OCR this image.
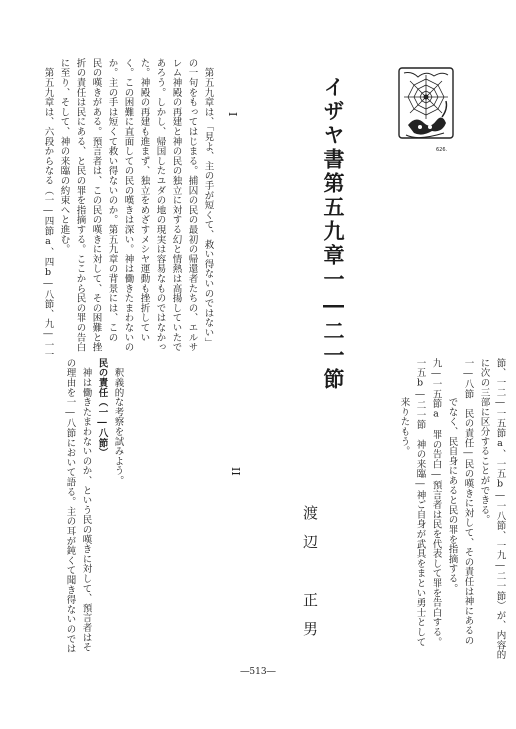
イザヤ書第五九章一―二一節
渡辺　正男
626.
I
　第五九章は、「見よ、主の手が短くて、救い得ないのではない」
の一句をもってはじまる。捕囚の民の最初の帰還者たちの、エルサ
レム神殿の再建と神の民の独立に対する幻と情熱は高揚していたで
あろう。しかし、帰国したユダの地の現実は容易なものではなかっ
た。神殿の再建も進まず、独立をめざすメシヤ運動も挫折してい
く。この困難に直面しての民の嘆きは深い。神は働きたまわないの
か。主の手は短くて救い得ないのか。第五九章の背景には、この
民の嘆きがある。預言者は、この民の嘆きに対して、その困難と挫
折の責任は民にある、と民の罪を指摘する。ここから民の罪の告白
に至り、そして、神の来臨の約束へと進む。
　第五九章は、六段からなる（一―四節a、四b―八節、九―一一
節、一二―一五節a、一五b―一八節、一九―二一節）が、内容的
に次の三部に区分することができる。
一―八節　民の責任―民の嘆きに対して、その責任は神にあるの
　　　　でなく、民自身にあると民の罪を指摘する。
九―一五節a　罪の告白―預言者は民を代表して罪を告白する。
一五b―二一節　神の来臨―神ご自身が武具をまとい勇士として
　　　　来りたもう。
II
　釈義的な考察を試みよう。
民の責任（一―八節）
　神は働きたまわないのか、という民の嘆きに対して、預言者はそ
の理由を一―八節において語る。主の耳が鈍くて聞き得ないのでは
―513―
